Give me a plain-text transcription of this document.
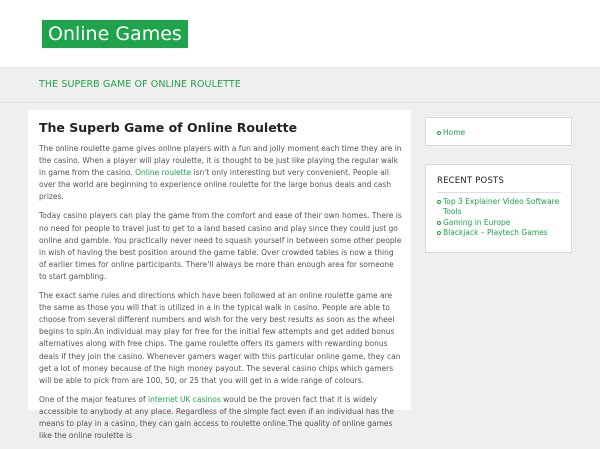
Online Games
THE SUPERB GAME OF ONLINE ROULETTE
The Superb Game of Online Roulette

The online roulette game gives online players with a fun and jolly moment each time they are in the casino. When a player will play roulette, it is thought to be just like playing the regular walk in game from the casino. Online roulette isn't only interesting but very convenient. People all over the world are beginning to experience online roulette for the large bonus deals and cash prizes.

Today casino players can play the game from the comfort and ease of their own homes. There is no need for people to travel just to get to a land based casino and play since they could just go online and gamble. You practically never need to squash yourself in between some other people in wish of having the best position around the game table. Over crowded tables is now a thing of earlier times for online participants. There'll always be more than enough area for someone to start gambling.

The exact same rules and directions which have been followed at an online roulette game are the same as those you will that is utilized in a in the typical walk in casino. People are able to choose from several different numbers and wish for the very best results as soon as the wheel begins to spin.An individual may play for free for the initial few attempts and get added bonus alternatives along with free chips. The game roulette offers its gamers with rewarding bonus deals if they join the casino. Whenever gamers wager with this particular online game, they can get a lot of money because of the high money payout. The several casino chips which gamers will be able to pick from are 100, 50, or 25 that you will get in a wide range of colours.

One of the major features of internet UK casinos would be the proven fact that it is widely accessible to anybody at any place. Regardless of the simple fact even if an individual has the means to play in a casino, they can gain access to roulette online.The quality of online games like the online roulette is

Home
RECENT POSTS
Top 3 Explainer Video Software Tools
Gaming in Europe
Blackjack – Playtech Games
